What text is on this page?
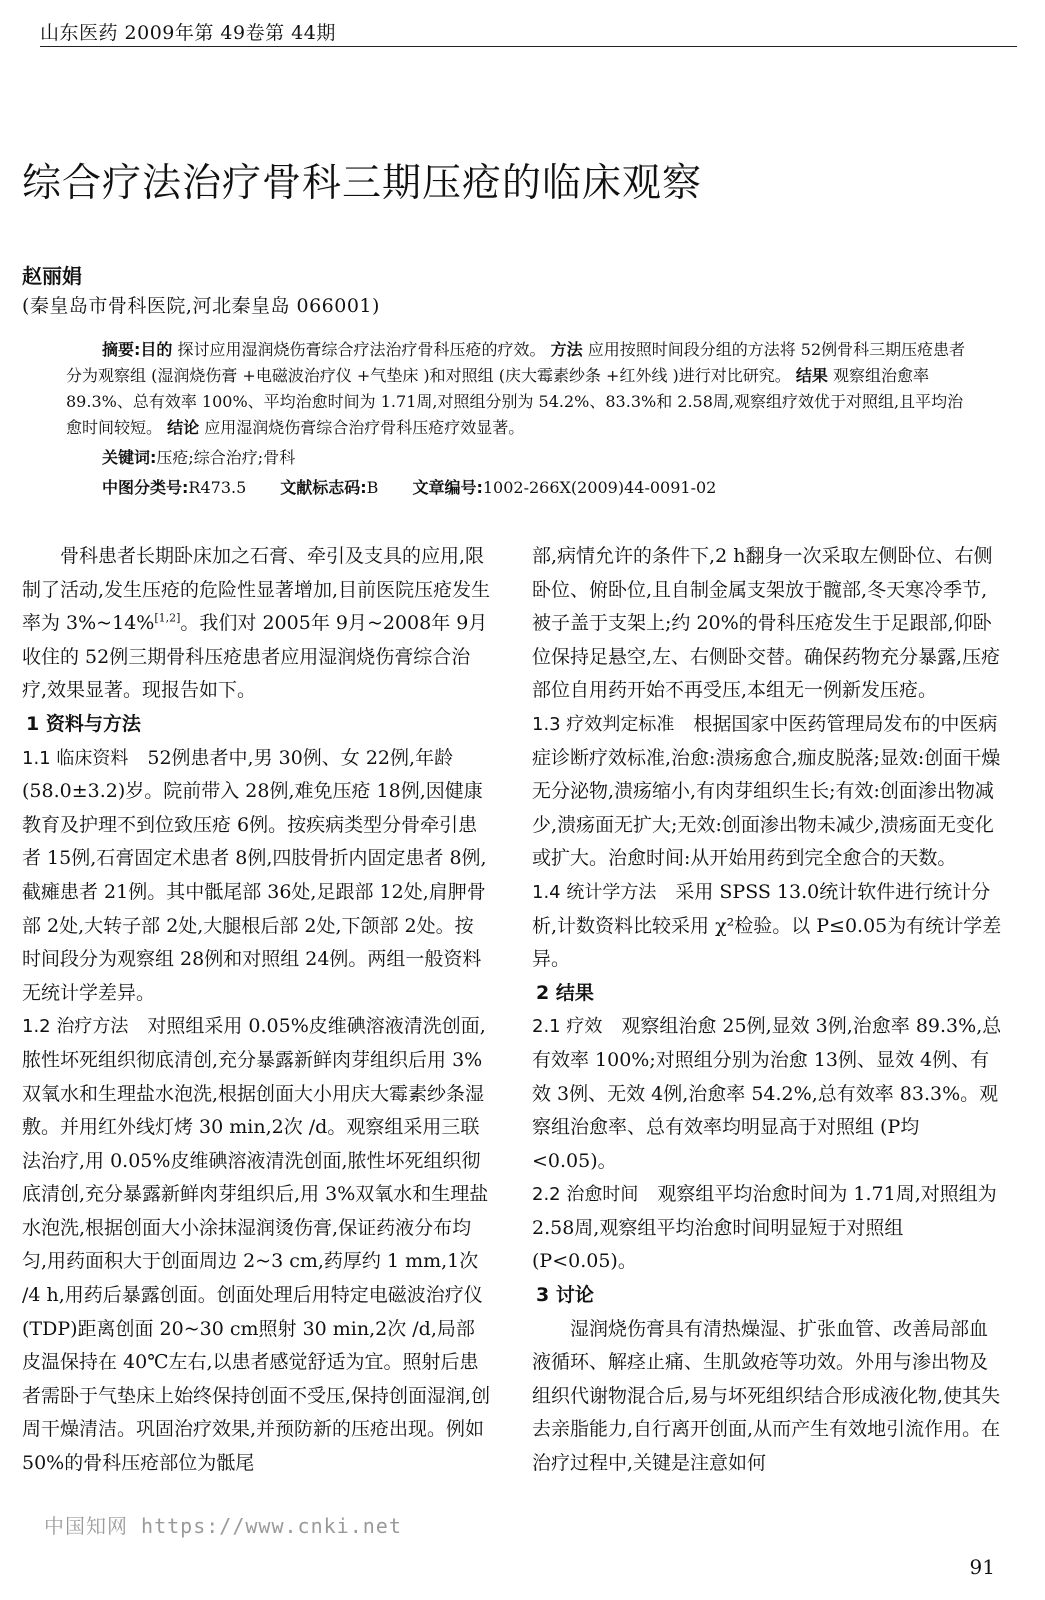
山东医药 2009年第 49卷第 44期
综合疗法治疗骨科三期压疮的临床观察
赵丽娟
(秦皇岛市骨科医院,河北秦皇岛 066001)

摘要:目的 探讨应用湿润烧伤膏综合疗法治疗骨科压疮的疗效。 方法 应用按照时间段分组的方法将 52例骨科三期压疮患者分为观察组 (湿润烧伤膏 +电磁波治疗仪 +气垫床 )和对照组 (庆大霉素纱条 +红外线 )进行对比研究。 结果 观察组治愈率 89.3%、总有效率 100%、平均治愈时间为 1.71周,对照组分别为 54.2%、83.3%和 2.58周,观察组疗效优于对照组,且平均治愈时间较短。 结论 应用湿润烧伤膏综合治疗骨科压疮疗效显著。

关键词:压疮;综合治疗;骨科

中图分类号:R473.5 文献标志码:B 文章编号:1002-266X(2009)44-0091-02

骨科患者长期卧床加之石膏、牵引及支具的应用,限制了活动,发生压疮的危险性显著增加,目前医院压疮发生率为 3%~14%[1,2]。我们对 2005年 9月~2008年 9月收住的 52例三期骨科压疮患者应用湿润烧伤膏综合治疗,效果显著。现报告如下。

1 资料与方法

1.1 临床资料　 52例患者中,男 30例、女 22例,年龄 (58.0±3.2)岁。院前带入 28例,难免压疮 18例,因健康教育及护理不到位致压疮 6例。按疾病类型分骨牵引患者 15例,石膏固定术患者 8例,四肢骨折内固定患者 8例,截瘫患者 21例。其中骶尾部 36处,足跟部 12处,肩胛骨部 2处,大转子部 2处,大腿根后部 2处,下颌部 2处。按时间段分为观察组 28例和对照组 24例。两组一般资料无统计学差异。

1.2 治疗方法　 对照组采用 0.05%皮维碘溶液清洗创面,脓性坏死组织彻底清创,充分暴露新鲜肉芽组织后用 3%双氧水和生理盐水泡洗,根据创面大小用庆大霉素纱条湿敷。并用红外线灯烤 30 min,2次 /d。观察组采用三联法治疗,用 0.05%皮维碘溶液清洗创面,脓性坏死组织彻底清创,充分暴露新鲜肉芽组织后,用 3%双氧水和生理盐水泡洗,根据创面大小涂抹湿润烫伤膏,保证药液分布均匀,用药面积大于创面周边 2~3 cm,药厚约 1 mm,1次 /4 h,用药后暴露创面。创面处理后用特定电磁波治疗仪 (TDP)距离创面 20~30 cm照射 30 min,2次 /d,局部皮温保持在 40℃左右,以患者感觉舒适为宜。照射后患者需卧于气垫床上始终保持创面不受压,保持创面湿润,创周干燥清洁。巩固治疗效果,并预防新的压疮出现。例如 50%的骨科压疮部位为骶尾

部,病情允许的条件下,2 h翻身一次采取左侧卧位、右侧卧位、俯卧位,且自制金属支架放于髋部,冬天寒冷季节,被子盖于支架上;约 20%的骨科压疮发生于足跟部,仰卧位保持足悬空,左、右侧卧交替。确保药物充分暴露,压疮部位自用药开始不再受压,本组无一例新发压疮。

1.3 疗效判定标准　 根据国家中医药管理局发布的中医病症诊断疗效标准,治愈:溃疡愈合,痂皮脱落;显效:创面干燥无分泌物,溃疡缩小,有肉芽组织生长;有效:创面渗出物减少,溃疡面无扩大;无效:创面渗出物未减少,溃疡面无变化或扩大。治愈时间:从开始用药到完全愈合的天数。

1.4 统计学方法　 采用 SPSS 13.0统计软件进行统计分析,计数资料比较采用 χ²检验。以 P≤0.05为有统计学差异。

2 结果

2.1 疗效　 观察组治愈 25例,显效 3例,治愈率 89.3%,总有效率 100%;对照组分别为治愈 13例、显效 4例、有效 3例、无效 4例,治愈率 54.2%,总有效率 83.3%。观察组治愈率、总有效率均明显高于对照组 (P均<0.05)。

2.2 治愈时间　 观察组平均治愈时间为 1.71周,对照组为 2.58周,观察组平均治愈时间明显短于对照组 (P<0.05)。

3 讨论

湿润烧伤膏具有清热燥湿、扩张血管、改善局部血液循环、解痉止痛、生肌敛疮等功效。外用与渗出物及组织代谢物混合后,易与坏死组织结合形成液化物,使其失去亲脂能力,自行离开创面,从而产生有效地引流作用。在治疗过程中,关键是注意如何

中国知网 https://www.cnki.net
91
